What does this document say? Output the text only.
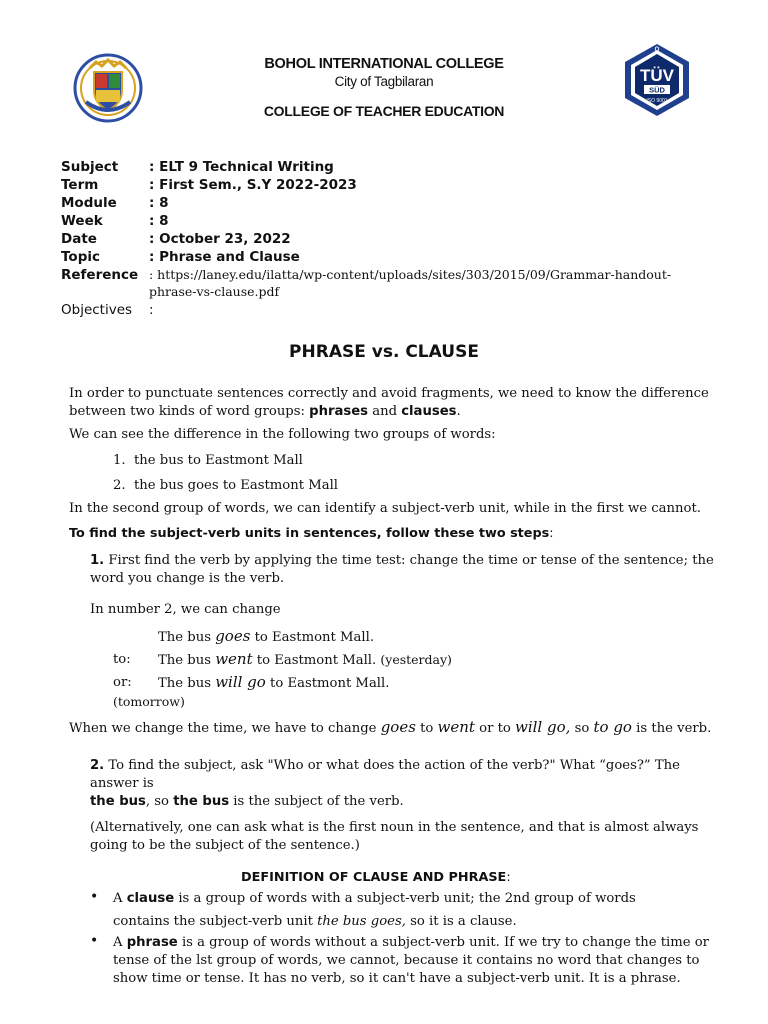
BOHOL INTERNATIONAL COLLEGE
City of Tagbilaran
COLLEGE OF TEACHER EDUCATION
TÜV
SÜD
ISO 9001
Q
Subject : ELT 9 Technical Writing
Term	: First Sem., S.Y 2022-2023
Module : 8
Week	: 8
Date	: October 23, 2022
Topic	: Phrase and Clause
Reference : https://laney.edu/ilatta/wp-content/uploads/sites/303/2015/09/Grammar-handout-
phrase-vs-clause.pdf
Objectives :
PHRASE vs. CLAUSE
In order to punctuate sentences correctly and avoid fragments, we need to know the difference
between two kinds of word groups: phrases and clauses.
We can see the difference in the following two groups of words:
1. the bus to Eastmont Mall
2. the bus goes to Eastmont Mall
In the second group of words, we can identify a subject-verb unit, while in the first we cannot.
To find the subject-verb units in sentences, follow these two steps:
1. First find the verb by applying the time test: change the time or tense of the sentence; the
word you change is the verb.
In number 2, we can change
The bus goes to Eastmont Mall.
to: The bus went to Eastmont Mall. (yesterday)
or: The bus will go to Eastmont Mall.
(tomorrow)
When we change the time, we have to change goes to went or to will go, so to go is the verb.
2. To find the subject, ask "Who or what does the action of the verb?" What “goes?” The
answer is
the bus, so the bus is the subject of the verb.
(Alternatively, one can ask what is the first noun in the sentence, and that is almost always
going to be the subject of the sentence.)
DEFINITION OF CLAUSE AND PHRASE:
• A clause is a group of words with a subject-verb unit; the 2nd group of words
contains the subject-verb unit the bus goes, so it is a clause.
• A phrase is a group of words without a subject-verb unit. If we try to change the time or
tense of the lst group of words, we cannot, because it contains no word that changes to
show time or tense. It has no verb, so it can't have a subject-verb unit. It is a phrase.
